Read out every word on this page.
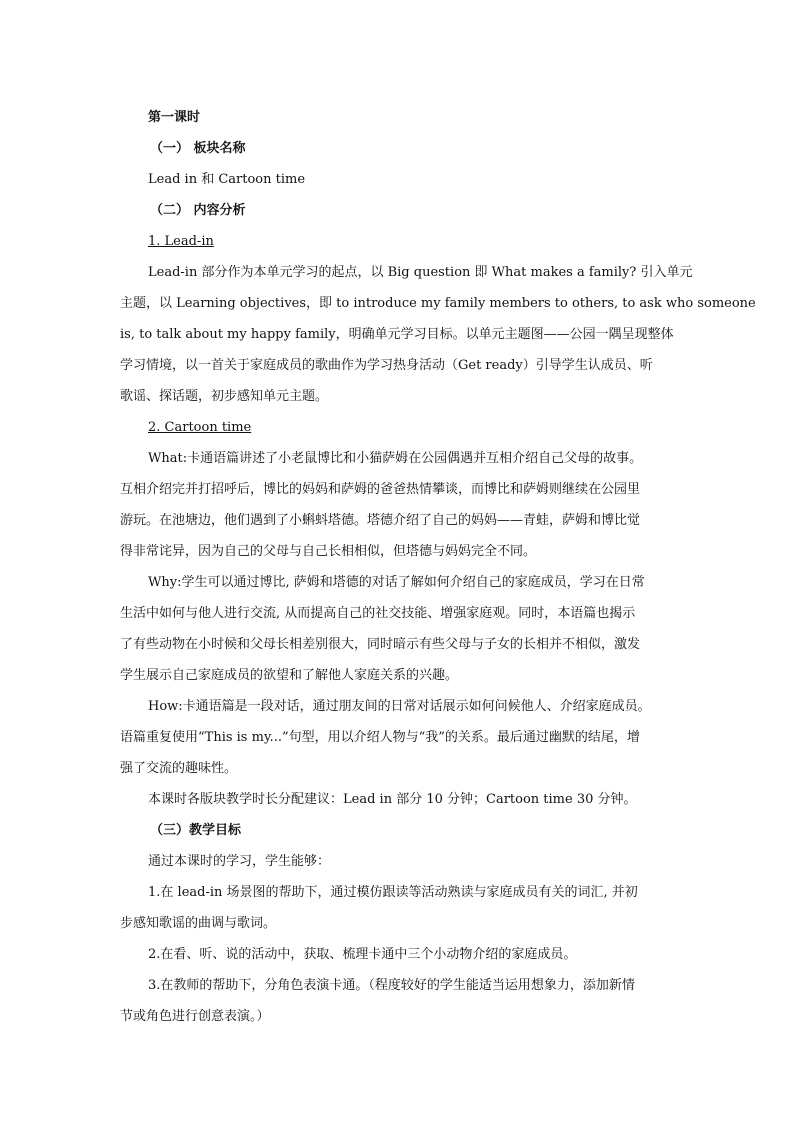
第一课时
（一） 板块名称
Lead in 和 Cartoon time
（二） 内容分析
1. Lead-in
Lead-in 部分作为本单元学习的起点，以 Big question 即 What makes a family? 引入单元
主题，以 Learning objectives，即 to introduce my family members to others, to ask who someone
is, to talk about my happy family，明确单元学习目标。以单元主题图——公园一隅呈现整体
学习情境，以一首关于家庭成员的歌曲作为学习热身活动（Get ready）引导学生认成员、听
歌谣、探话题，初步感知单元主题。
2. Cartoon time
What:卡通语篇讲述了小老鼠博比和小猫萨姆在公园偶遇并互相介绍自己父母的故事。
互相介绍完并打招呼后，博比的妈妈和萨姆的爸爸热情攀谈，而博比和萨姆则继续在公园里
游玩。在池塘边，他们遇到了小蝌蚪塔德。塔德介绍了自己的妈妈——青蛙，萨姆和博比觉
得非常诧异，因为自己的父母与自己长相相似，但塔德与妈妈完全不同。
Why:学生可以通过博比, 萨姆和塔德的对话了解如何介绍自己的家庭成员，学习在日常
生活中如何与他人进行交流, 从而提高自己的社交技能、增强家庭观。同时，本语篇也揭示
了有些动物在小时候和父母长相差别很大，同时暗示有些父母与子女的长相并不相似，激发
学生展示自己家庭成员的欲望和了解他人家庭关系的兴趣。
How:卡通语篇是一段对话，通过朋友间的日常对话展示如何问候他人、介绍家庭成员。
语篇重复使用“This is my...”句型，用以介绍人物与“我”的关系。最后通过幽默的结尾，增
强了交流的趣味性。
本课时各版块教学时长分配建议：Lead in 部分 10 分钟；Cartoon time 30 分钟。
（三）教学目标
通过本课时的学习，学生能够：
1.在 lead-in 场景图的帮助下，通过模仿跟读等活动熟读与家庭成员有关的词汇, 并初
步感知歌谣的曲调与歌词。
2.在看、听、说的活动中，获取、梳理卡通中三个小动物介绍的家庭成员。
3.在教师的帮助下，分角色表演卡通。（程度较好的学生能适当运用想象力，添加新情
节或角色进行创意表演。）
